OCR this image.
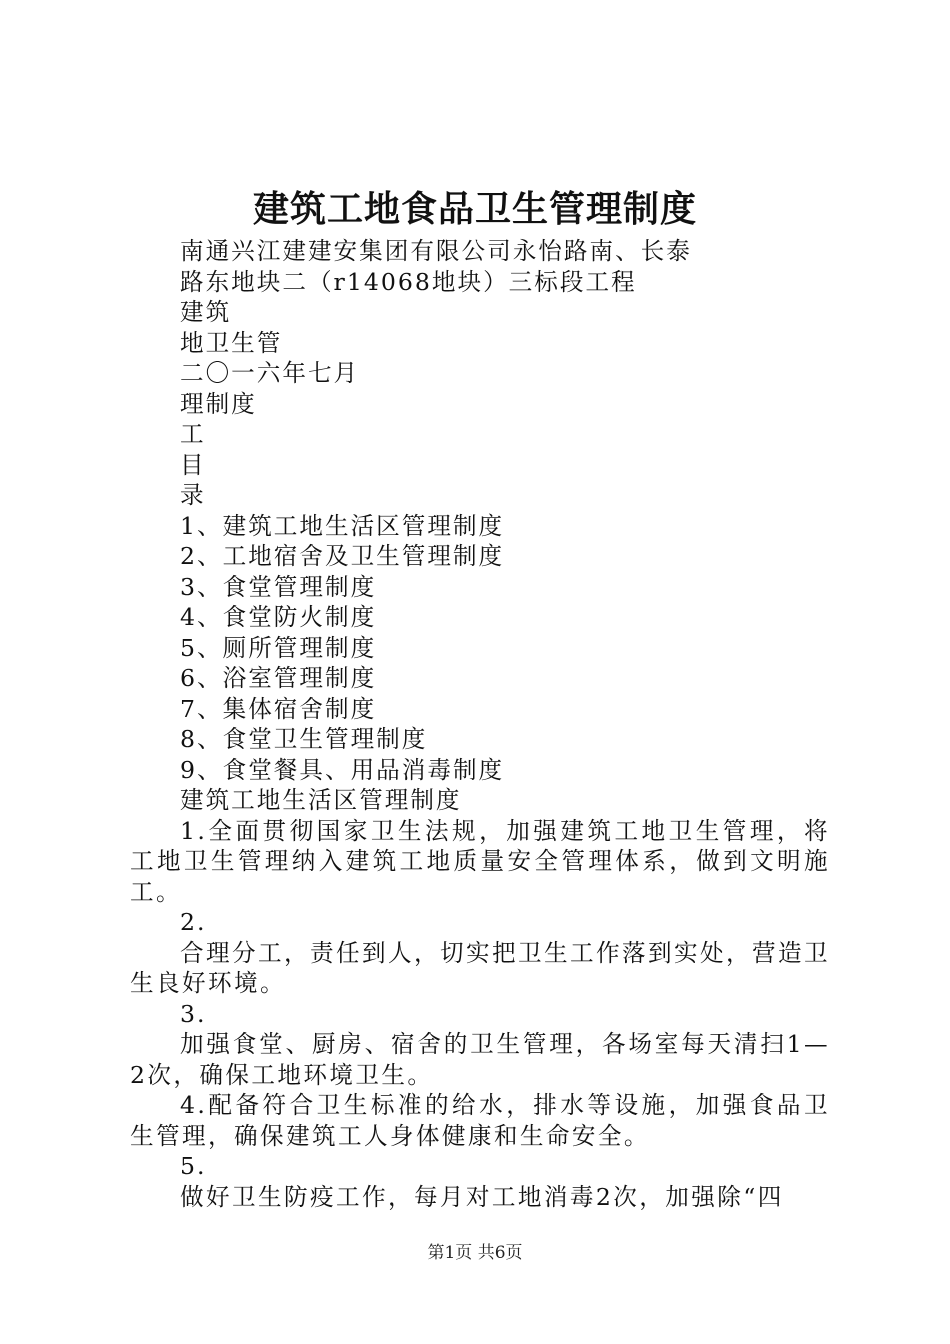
建筑工地食品卫生管理制度

南通兴江建建安集团有限公司永怡路南、长泰

路东地块二（r14068地块）三标段工程

建筑

地卫生管

二〇一六年七月

理制度

工

目

录

1、建筑工地生活区管理制度

2、工地宿舍及卫生管理制度

3、食堂管理制度

4、食堂防火制度

5、厕所管理制度

6、浴室管理制度

7、集体宿舍制度

8、食堂卫生管理制度

9、食堂餐具、用品消毒制度

建筑工地生活区管理制度

1.全面贯彻国家卫生法规，加强建筑工地卫生管理，将工地卫生管理纳入建筑工地质量安全管理体系，做到文明施工。

2.

合理分工，责任到人，切实把卫生工作落到实处，营造卫生良好环境。

3.

加强食堂、厨房、宿舍的卫生管理，各场室每天清扫1—2次，确保工地环境卫生。

4.配备符合卫生标准的给水，排水等设施，加强食品卫生管理，确保建筑工人身体健康和生命安全。

5.

做好卫生防疫工作，每月对工地消毒2次，加强除“四

第1页 共6页
